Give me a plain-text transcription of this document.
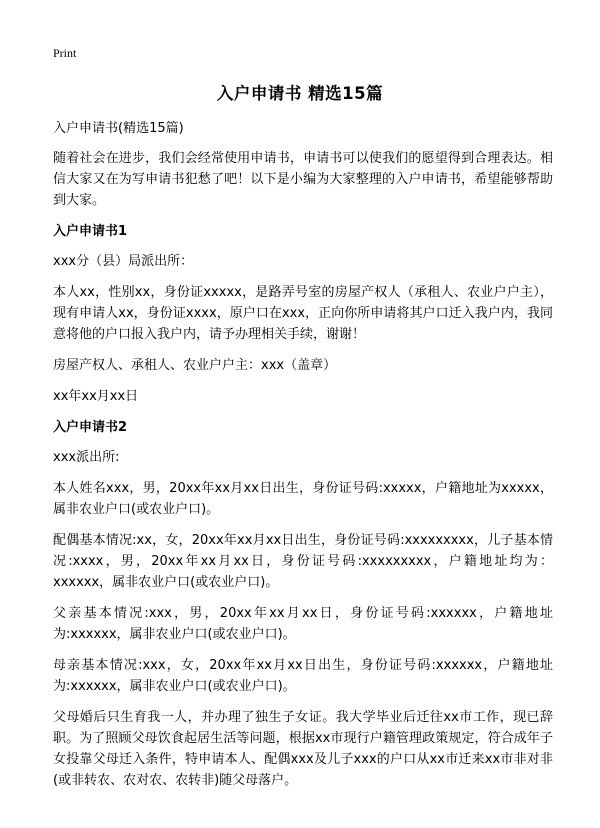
Print
入户申请书 精选15篇

入户申请书(精选15篇)

随着社会在进步，我们会经常使用申请书，申请书可以使我们的愿望得到合理表达。相信大家又在为写申请书犯愁了吧！以下是小编为大家整理的入户申请书，希望能够帮助到大家。

入户申请书1

xxx分（县）局派出所：

本人xx，性别xx，身份证xxxxx，是路弄号室的房屋产权人（承租人、农业户户主），现有申请人xx，身份证xxxx，原户口在xxx，正向你所申请将其户口迁入我户内，我同意将他的户口报入我户内，请予办理相关手续，谢谢！

房屋产权人、承租人、农业户户主：xxx（盖章）

xx年xx月xx日

入户申请书2

xxx派出所:

本人姓名xxx，男，20xx年xx月xx日出生，身份证号码:xxxxx，户籍地址为xxxxx，属非农业户口(或农业户口)。

配偶基本情况:xx，女，20xx年xx月xx日出生，身份证号码:xxxxxxxxx，儿子基本情况:xxxx，男，20xx年xx月xx日，身份证号码:xxxxxxxxx，户籍地址均为：xxxxxx，属非农业户口(或农业户口)。

父亲基本情况:xxx，男，20xx年xx月xx日，身份证号码:xxxxxx，户籍地址为:xxxxxx，属非农业户口(或农业户口)。

母亲基本情况:xxx，女，20xx年xx月xx日出生，身份证号码:xxxxxx，户籍地址为:xxxxxx，属非农业户口(或农业户口)。

父母婚后只生育我一人，并办理了独生子女证。我大学毕业后迁往xx市工作，现已辞职。为了照顾父母饮食起居生活等问题，根据xx市现行户籍管理政策规定，符合成年子女投靠父母迁入条件，特申请本人、配偶xxx及儿子xxx的户口从xx市迁来xx市非对非(或非转农、农对农、农转非)随父母落户。
